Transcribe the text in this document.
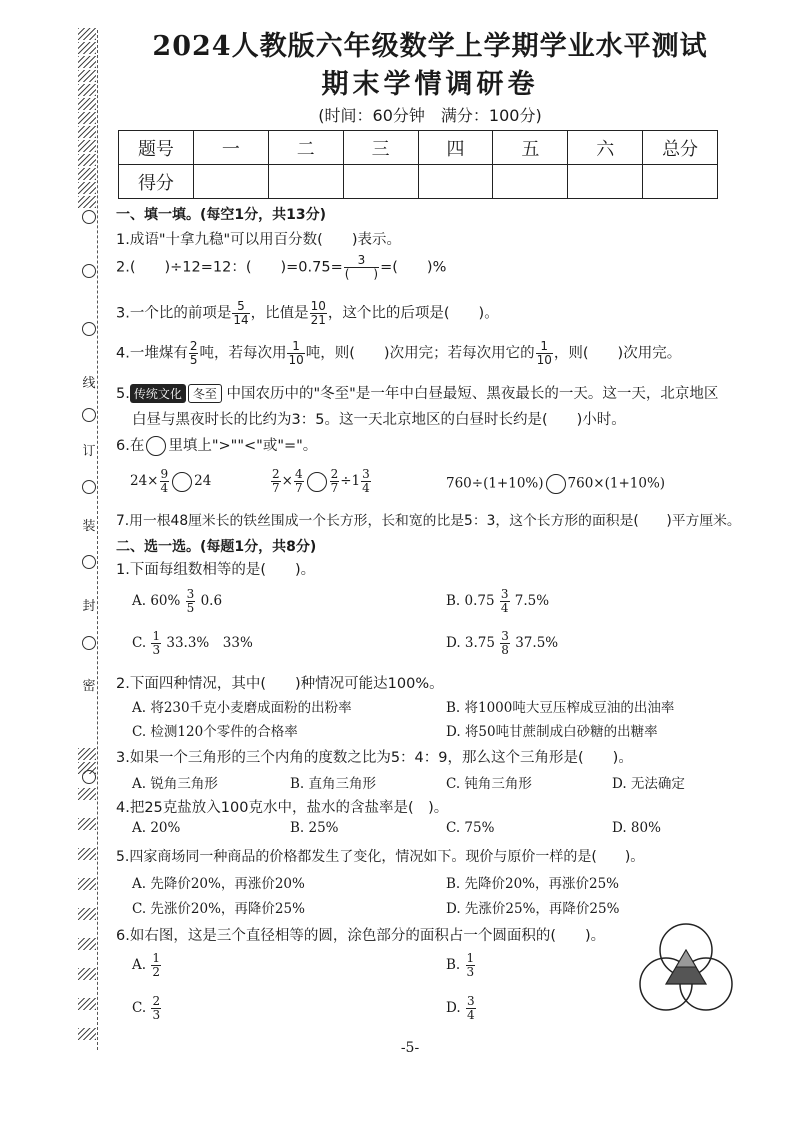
线
订
装
封
密
2024人教版六年级数学上学期学业水平测试
期末学情调研卷
(时间：60分钟　满分：100分)
题号	一	二	三	四	五	六	总分
得分							
一、填一填。(每空1分，共13分)
1.成语"十拿九稳"可以用百分数(　　)表示。
2.(　　)÷12=12：(　　)$=0.75= \frac{3}{( )}$ =(　　)%
3.一个比的前项是 $\frac{5}{14}$ ，比值是 $\frac{10}{21}$ ，这个比的后项是(　　)。
4.一堆煤有 $\frac{2}{5}$ 吨，若每次用 $\frac{1}{10}$ 吨，则(　　)次用完；若每次用它的 $\frac{1}{10}$ ，则(　　)次用完。
5. 传统文化 冬至 中国农历中的"冬至"是一年中白昼最短、黑夜最长的一天。这一天，北京地区
白昼与黑夜时长的比约为3：5。这一天北京地区的白昼时长约是(　　)小时。
6.在 里填上">""<"或"="。
$24\times \frac{9}{4} 24$	$\frac{2}{7} \times \frac{4}{7} \frac{2}{7} \div 1 \frac{3}{4}$	760÷(1+10%) 760×(1+10%)
7.用一根48厘米长的铁丝围成一个长方形，长和宽的比是5：3，这个长方形的面积是(　　)平方厘米。
二、选一选。(每题1分，共8分)
1.下面每组数相等的是(　　)。
A. $60\% \frac{3}{5} 0.6$	B. $0.75 \frac{3}{4} 7.5\%$
C. $\frac{1}{3} 33.3\%$　33%	D. $3.75 \frac{3}{8} 37.5\%$
2.下面四种情况，其中(　　)种情况可能达100%。
A. 将230千克小麦磨成面粉的出粉率	B. 将1000吨大豆压榨成豆油的出油率
C. 检测120个零件的合格率	D. 将50吨甘蔗制成白砂糖的出糖率
3.如果一个三角形的三个内角的度数之比为5：4：9，那么这个三角形是(　　)。
A. 锐角三角形	B. 直角三角形	C. 钝角三角形	D. 无法确定
4.把25克盐放入100克水中，盐水的含盐率是(　)。
A. 20%	B. 25%	C. 75%	D. 80%
5.四家商场同一种商品的价格都发生了变化，情况如下。现价与原价一样的是(　　)。
A. 先降价20%，再涨价20%	B. 先降价20%，再涨价25%
C. 先涨价20%，再降价25%	D. 先涨价25%，再降价25%
6.如右图，这是三个直径相等的圆，涂色部分的面积占一个圆面积的(　　)。
A. $\frac{1}{2}$	B. $\frac{1}{3}$
C. $\frac{2}{3}$	D. $\frac{3}{4}$
-5-
